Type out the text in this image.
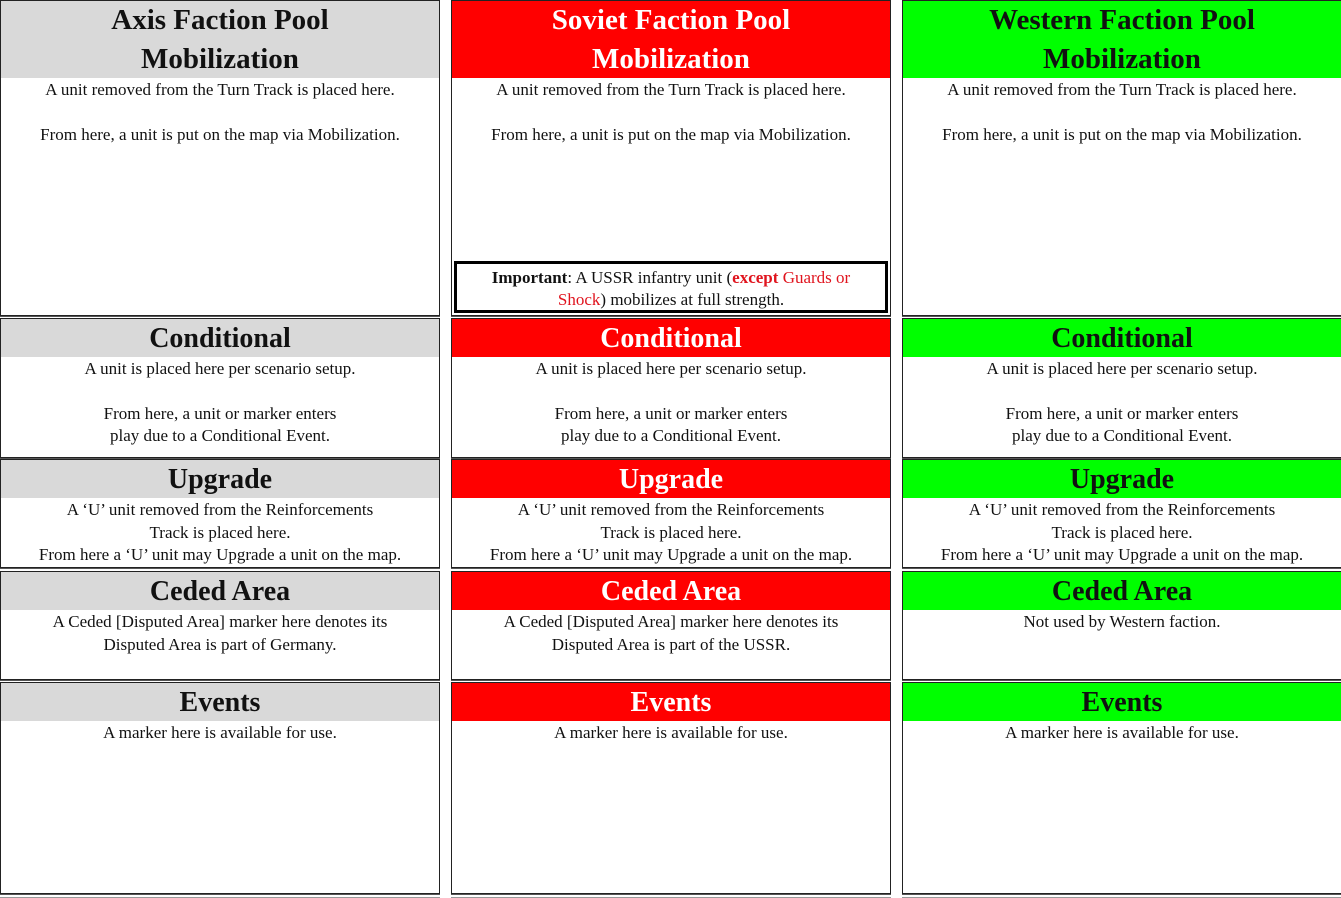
Axis Faction Pool
Mobilization
A unit removed from the Turn Track is placed here.
From here, a unit is put on the map via Mobilization.
Conditional
A unit is placed here per scenario setup.
From here, a unit or marker enters
play due to a Conditional Event.
Upgrade
A ‘U’ unit removed from the Reinforcements
Track is placed here.
From here a ‘U’ unit may Upgrade a unit on the map.
Ceded Area
A Ceded [Disputed Area] marker here denotes its
Disputed Area is part of Germany.
Events
A marker here is available for use.
Soviet Faction Pool
Mobilization
A unit removed from the Turn Track is placed here.
From here, a unit is put on the map via Mobilization.
Important: A USSR infantry unit (except Guards or
Shock) mobilizes at full strength.
Conditional
A unit is placed here per scenario setup.
From here, a unit or marker enters
play due to a Conditional Event.
Upgrade
A ‘U’ unit removed from the Reinforcements
Track is placed here.
From here a ‘U’ unit may Upgrade a unit on the map.
Ceded Area
A Ceded [Disputed Area] marker here denotes its
Disputed Area is part of the USSR.
Events
A marker here is available for use.
Western Faction Pool
Mobilization
A unit removed from the Turn Track is placed here.
From here, a unit is put on the map via Mobilization.
Conditional
A unit is placed here per scenario setup.
From here, a unit or marker enters
play due to a Conditional Event.
Upgrade
A ‘U’ unit removed from the Reinforcements
Track is placed here.
From here a ‘U’ unit may Upgrade a unit on the map.
Ceded Area
Not used by Western faction.
Events
A marker here is available for use.
